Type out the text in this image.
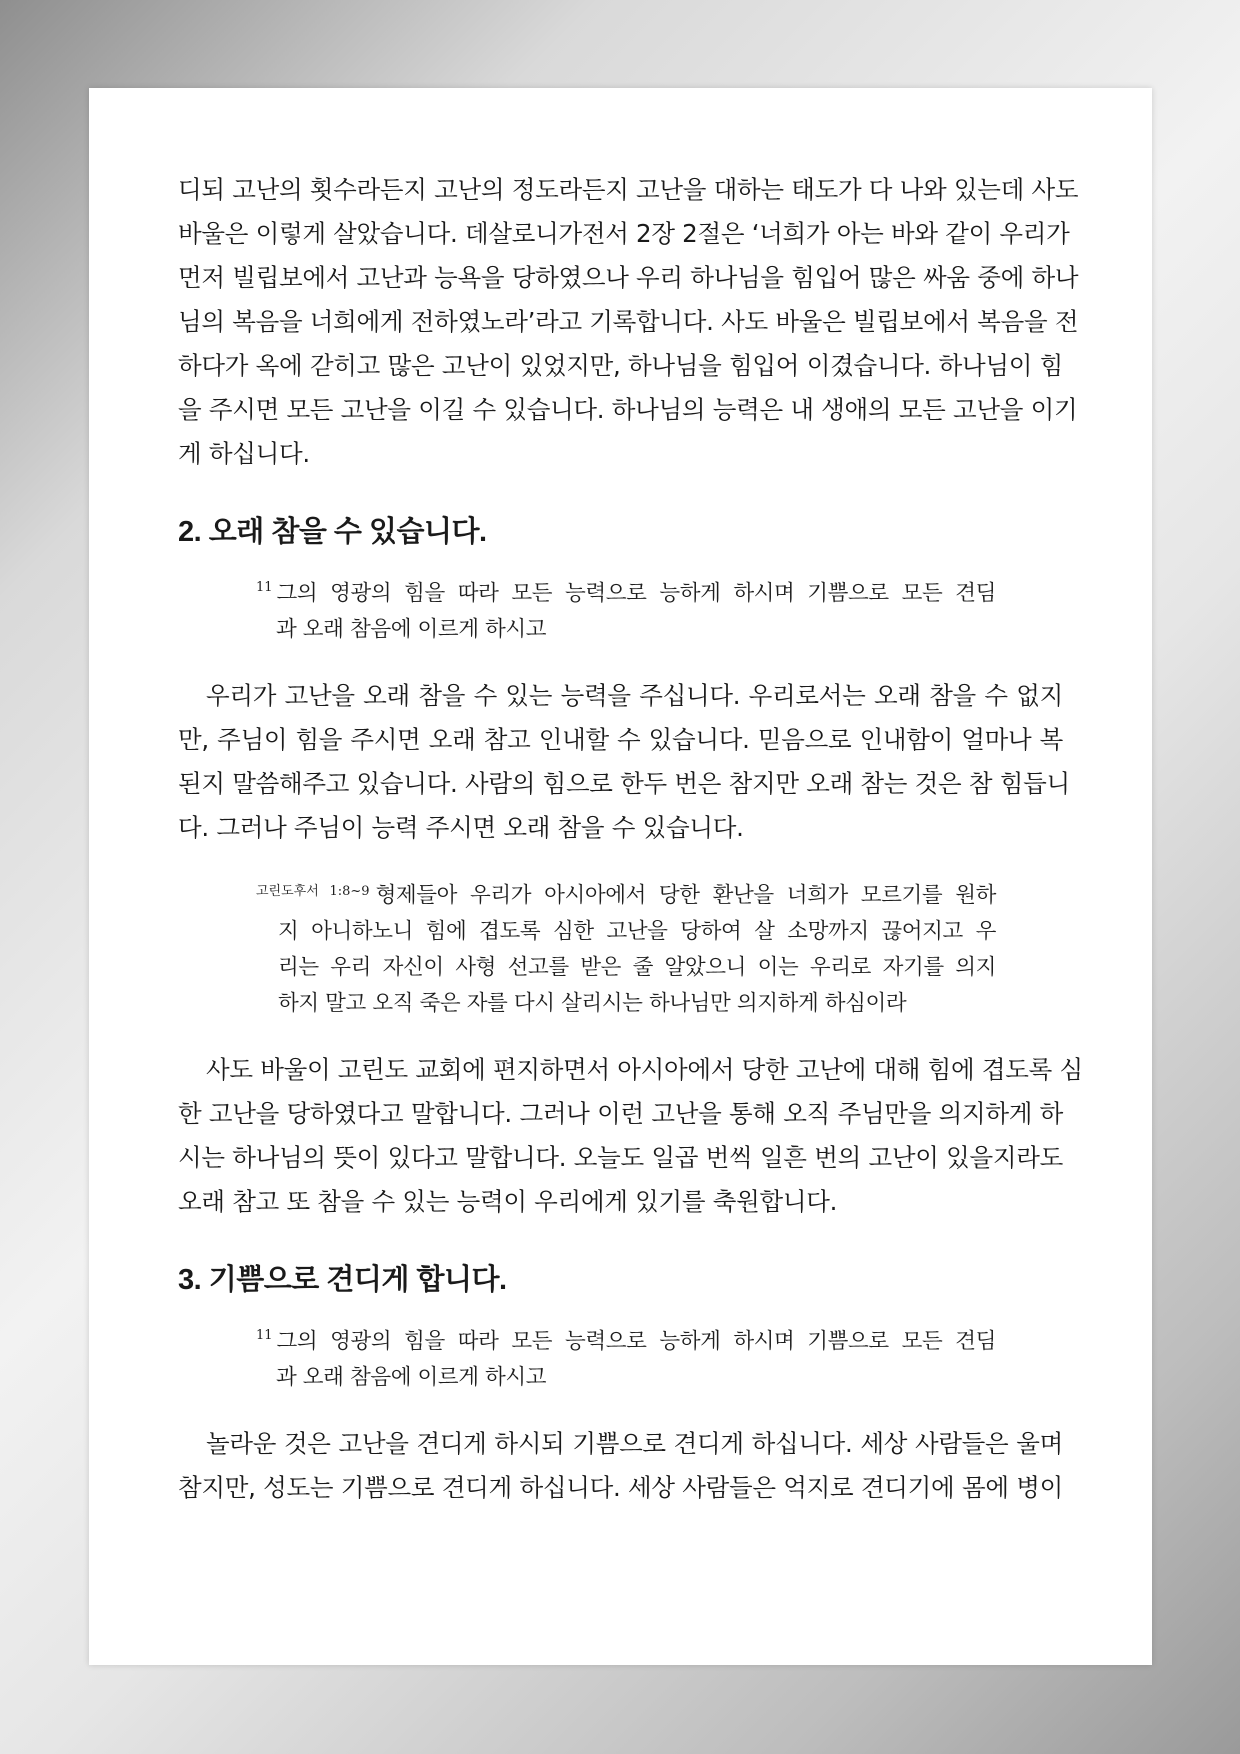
디되 고난의 횟수라든지 고난의 정도라든지 고난을 대하는 태도가 다 나와 있는데 사도
바울은 이렇게 살았습니다. 데살로니가전서 2장 2절은 ‘너희가 아는 바와 같이 우리가
먼저 빌립보에서 고난과 능욕을 당하였으나 우리 하나님을 힘입어 많은 싸움 중에 하나
님의 복음을 너희에게 전하였노라’라고 기록합니다. 사도 바울은 빌립보에서 복음을 전
하다가 옥에 갇히고 많은 고난이 있었지만, 하나님을 힘입어 이겼습니다. 하나님이 힘
을 주시면 모든 고난을 이길 수 있습니다. 하나님의 능력은 내 생애의 모든 고난을 이기
게 하십니다.
2. 오래 참을 수 있습니다.
$^{11}$ 그의 영광의 힘을 따라 모든 능력으로 능하게 하시며 기쁨으로 모든 견딤
과 오래 참음에 이르게 하시고
우리가 고난을 오래 참을 수 있는 능력을 주십니다. 우리로서는 오래 참을 수 없지
만, 주님이 힘을 주시면 오래 참고 인내할 수 있습니다. 믿음으로 인내함이 얼마나 복
된지 말씀해주고 있습니다. 사람의 힘으로 한두 번은 참지만 오래 참는 것은 참 힘듭니
다. 그러나 주님이 능력 주시면 오래 참을 수 있습니다.
$^{고린도후서 1:8\sim 9}$ 형제들아 우리가 아시아에서 당한 환난을 너희가 모르기를 원하
지 아니하노니 힘에 겹도록 심한 고난을 당하여 살 소망까지 끊어지고 우
리는 우리 자신이 사형 선고를 받은 줄 알았으니 이는 우리로 자기를 의지
하지 말고 오직 죽은 자를 다시 살리시는 하나님만 의지하게 하심이라
사도 바울이 고린도 교회에 편지하면서 아시아에서 당한 고난에 대해 힘에 겹도록 심
한 고난을 당하였다고 말합니다. 그러나 이런 고난을 통해 오직 주님만을 의지하게 하
시는 하나님의 뜻이 있다고 말합니다. 오늘도 일곱 번씩 일흔 번의 고난이 있을지라도
오래 참고 또 참을 수 있는 능력이 우리에게 있기를 축원합니다.
3. 기쁨으로 견디게 합니다.
$^{11}$ 그의 영광의 힘을 따라 모든 능력으로 능하게 하시며 기쁨으로 모든 견딤
과 오래 참음에 이르게 하시고
놀라운 것은 고난을 견디게 하시되 기쁨으로 견디게 하십니다. 세상 사람들은 울며
참지만, 성도는 기쁨으로 견디게 하십니다. 세상 사람들은 억지로 견디기에 몸에 병이
